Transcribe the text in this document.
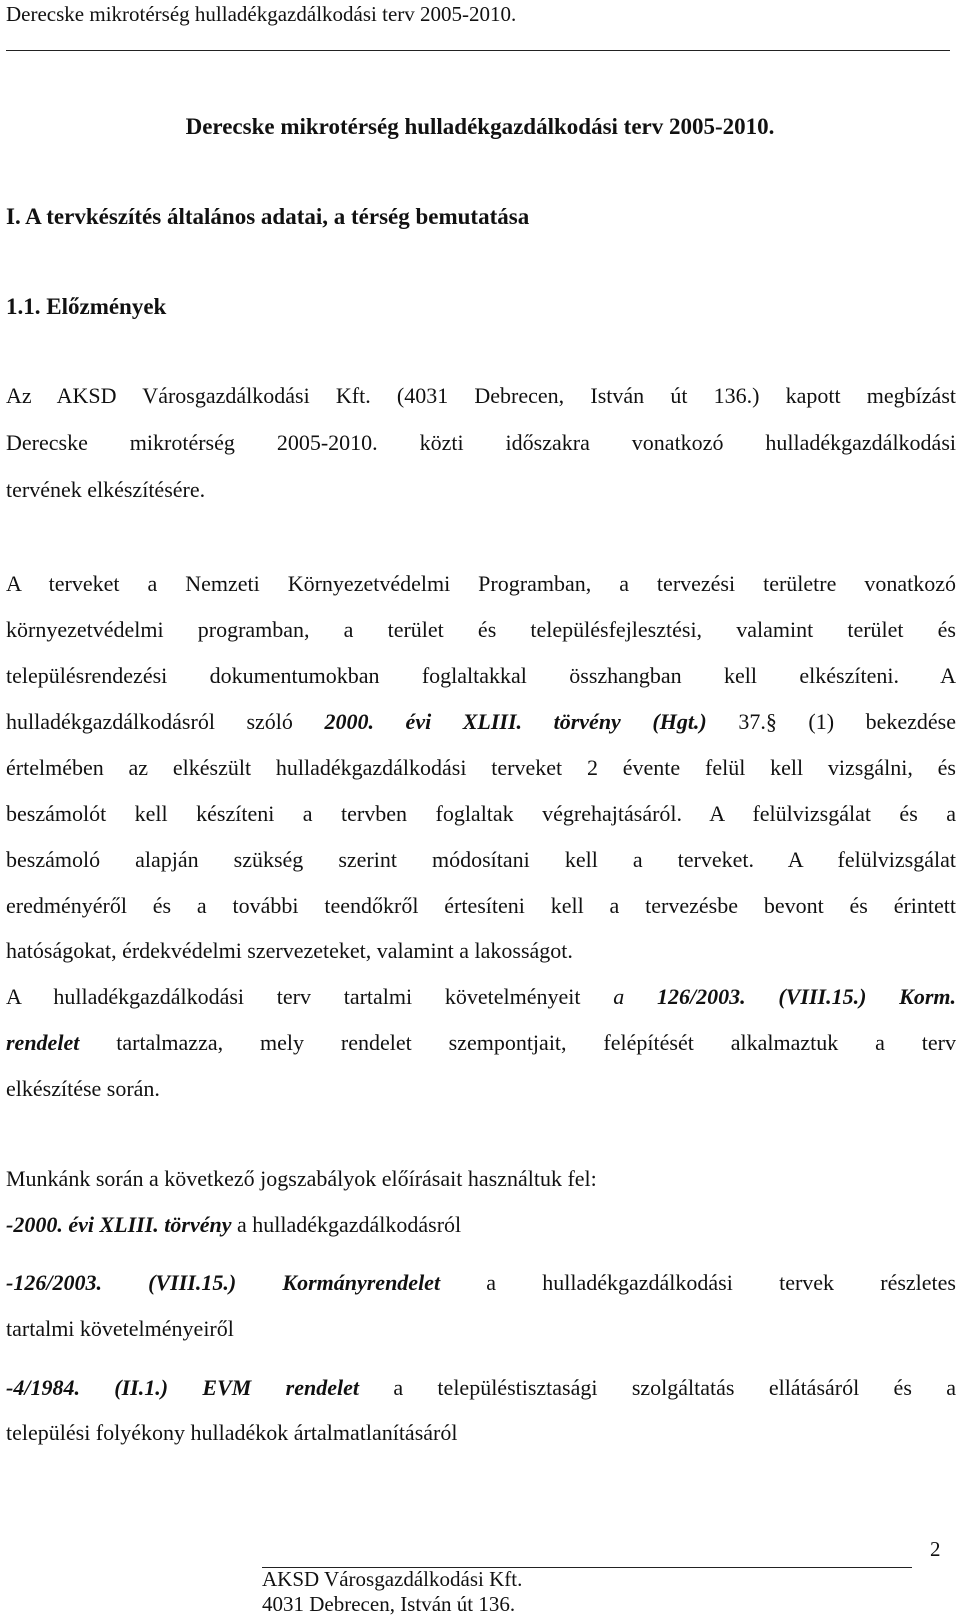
Derecske mikrotérség hulladékgazdálkodási terv 2005-2010.
Derecske mikrotérség hulladékgazdálkodási terv 2005-2010.
I. A tervkészítés általános adatai, a térség bemutatása
1.1. Előzmények
Az AKSD Városgazdálkodási Kft. (4031 Debrecen, István út 136.) kapott megbízást
Derecske mikrotérség 2005-2010. közti időszakra vonatkozó hulladékgazdálkodási
tervének elkészítésére.
A terveket a Nemzeti Környezetvédelmi Programban, a tervezési területre vonatkozó
környezetvédelmi programban, a terület és településfejlesztési, valamint terület és
településrendezési dokumentumokban foglaltakkal összhangban kell elkészíteni. A
hulladékgazdálkodásról szóló 2000. évi XLIII. törvény (Hgt.) 37.§ (1) bekezdése
értelmében az elkészült hulladékgazdálkodási terveket 2 évente felül kell vizsgálni, és
beszámolót kell készíteni a tervben foglaltak végrehajtásáról. A felülvizsgálat és a
beszámoló alapján szükség szerint módosítani kell a terveket. A felülvizsgálat
eredményéről és a további teendőkről értesíteni kell a tervezésbe bevont és érintett
hatóságokat, érdekvédelmi szervezeteket, valamint a lakosságot.
A hulladékgazdálkodási terv tartalmi követelményeit a 126/2003. (VIII.15.) Korm.
rendelet tartalmazza, mely rendelet szempontjait, felépítését alkalmaztuk a terv
elkészítése során.
Munkánk során a következő jogszabályok előírásait használtuk fel:
-2000. évi XLIII. törvény a hulladékgazdálkodásról
-126/2003. (VIII.15.) Kormányrendelet a hulladékgazdálkodási tervek részletes
tartalmi követelményeiről
-4/1984. (II.1.) EVM rendelet a településtisztasági szolgáltatás ellátásáról és a
települési folyékony hulladékok ártalmatlanításáról
2
AKSD Városgazdálkodási Kft.
4031 Debrecen, István út 136.
